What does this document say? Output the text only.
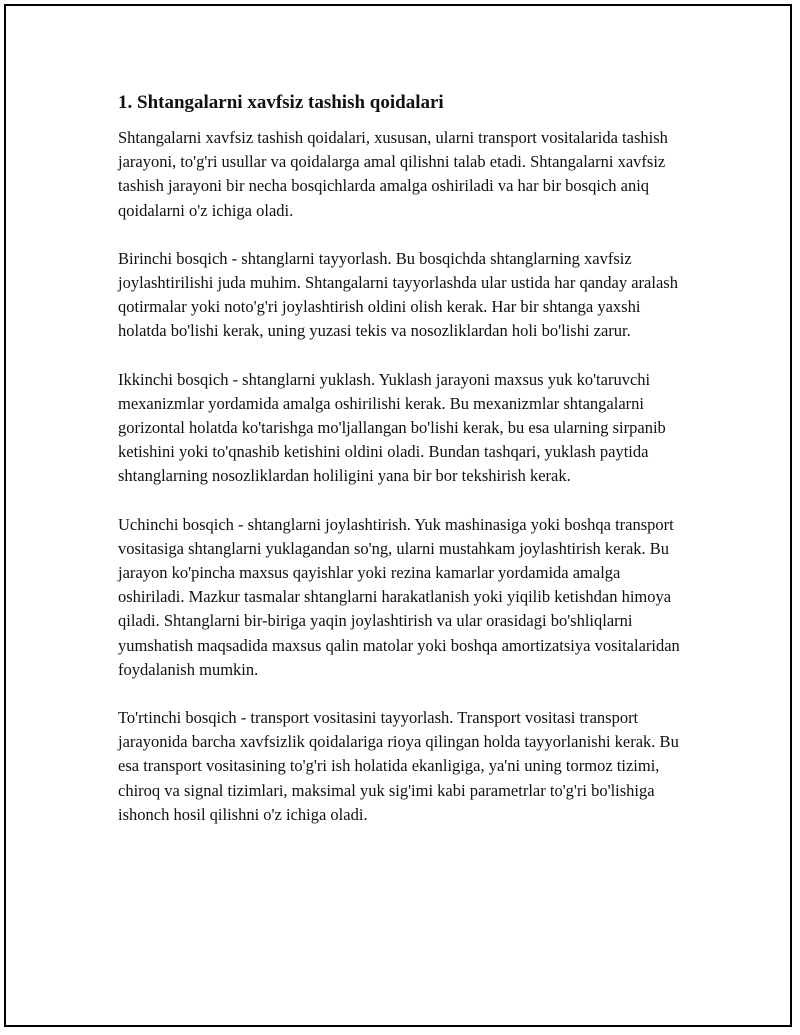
1. Shtangalarni xavfsiz tashish qoidalari

Shtangalarni xavfsiz tashish qoidalari, xususan, ularni transport vositalarida tashish jarayoni, to'g'ri usullar va qoidalarga amal qilishni talab etadi. Shtangalarni xavfsiz tashish jarayoni bir necha bosqichlarda amalga oshiriladi va har bir bosqich aniq qoidalarni o'z ichiga oladi.

Birinchi bosqich - shtanglarni tayyorlash. Bu bosqichda shtanglarning xavfsiz joylashtirilishi juda muhim. Shtangalarni tayyorlashda ular ustida har qanday aralash qotirmalar yoki noto'g'ri joylashtirish oldini olish kerak. Har bir shtanga yaxshi holatda bo'lishi kerak, uning yuzasi tekis va nosozliklardan holi bo'lishi zarur.

Ikkinchi bosqich - shtanglarni yuklash. Yuklash jarayoni maxsus yuk ko'taruvchi mexanizmlar yordamida amalga oshirilishi kerak. Bu mexanizmlar shtangalarni gorizontal holatda ko'tarishga mo'ljallangan bo'lishi kerak, bu esa ularning sirpanib ketishini yoki to'qnashib ketishini oldini oladi. Bundan tashqari, yuklash paytida shtanglarning nosozliklardan holiligini yana bir bor tekshirish kerak.

Uchinchi bosqich - shtanglarni joylashtirish. Yuk mashinasiga yoki boshqa transport vositasiga shtanglarni yuklagandan so'ng, ularni mustahkam joylashtirish kerak. Bu jarayon ko'pincha maxsus qayishlar yoki rezina kamarlar yordamida amalga oshiriladi. Mazkur tasmalar shtanglarni harakatlanish yoki yiqilib ketishdan himoya qiladi. Shtanglarni bir-biriga yaqin joylashtirish va ular orasidagi bo'shliqlarni yumshatish maqsadida maxsus qalin matolar yoki boshqa amortizatsiya vositalaridan foydalanish mumkin.

To'rtinchi bosqich - transport vositasini tayyorlash. Transport vositasi transport jarayonida barcha xavfsizlik qoidalariga rioya qilingan holda tayyorlanishi kerak. Bu esa transport vositasining to'g'ri ish holatida ekanligiga, ya'ni uning tormoz tizimi, chiroq va signal tizimlari, maksimal yuk sig'imi kabi parametrlar to'g'ri bo'lishiga ishonch hosil qilishni o'z ichiga oladi.
